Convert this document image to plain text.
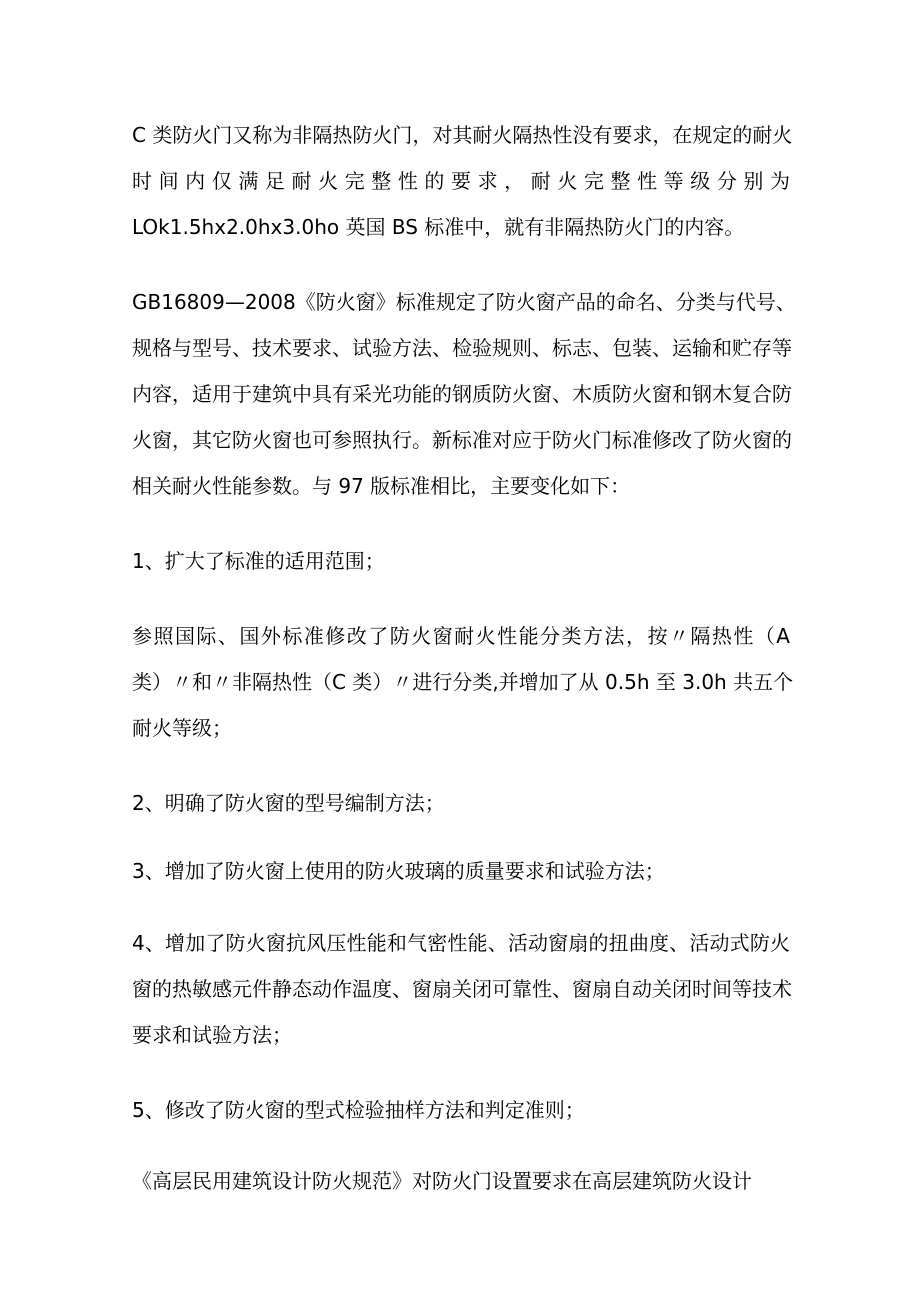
C 类防火门又称为非隔热防火门，对其耐火隔热性没有要求，在规定的耐火
时间内仅满足耐火完整性的要求，耐火完整性等级分别为
LOk1.5hx2.0hx3.0ho 英国 BS 标准中，就有非隔热防火门的内容。
GB16809—2008《防火窗》标准规定了防火窗产品的命名、分类与代号、
规格与型号、技术要求、试验方法、检验规则、标志、包装、运输和贮存等
内容，适用于建筑中具有采光功能的钢质防火窗、木质防火窗和钢木复合防
火窗，其它防火窗也可参照执行。新标准对应于防火门标准修改了防火窗的
相关耐火性能参数。与 97 版标准相比，主要变化如下：
1、扩大了标准的适用范围；
参照国际、国外标准修改了防火窗耐火性能分类方法，按〃隔热性（A
类）〃和〃非隔热性（C 类）〃进行分类,并增加了从 0.5h 至 3.0h 共五个
耐火等级；
2、明确了防火窗的型号编制方法；
3、增加了防火窗上使用的防火玻璃的质量要求和试验方法；
4、增加了防火窗抗风压性能和气密性能、活动窗扇的扭曲度、活动式防火
窗的热敏感元件静态动作温度、窗扇关闭可靠性、窗扇自动关闭时间等技术
要求和试验方法；
5、修改了防火窗的型式检验抽样方法和判定准则；
《高层民用建筑设计防火规范》对防火门设置要求在高层建筑防火设计
